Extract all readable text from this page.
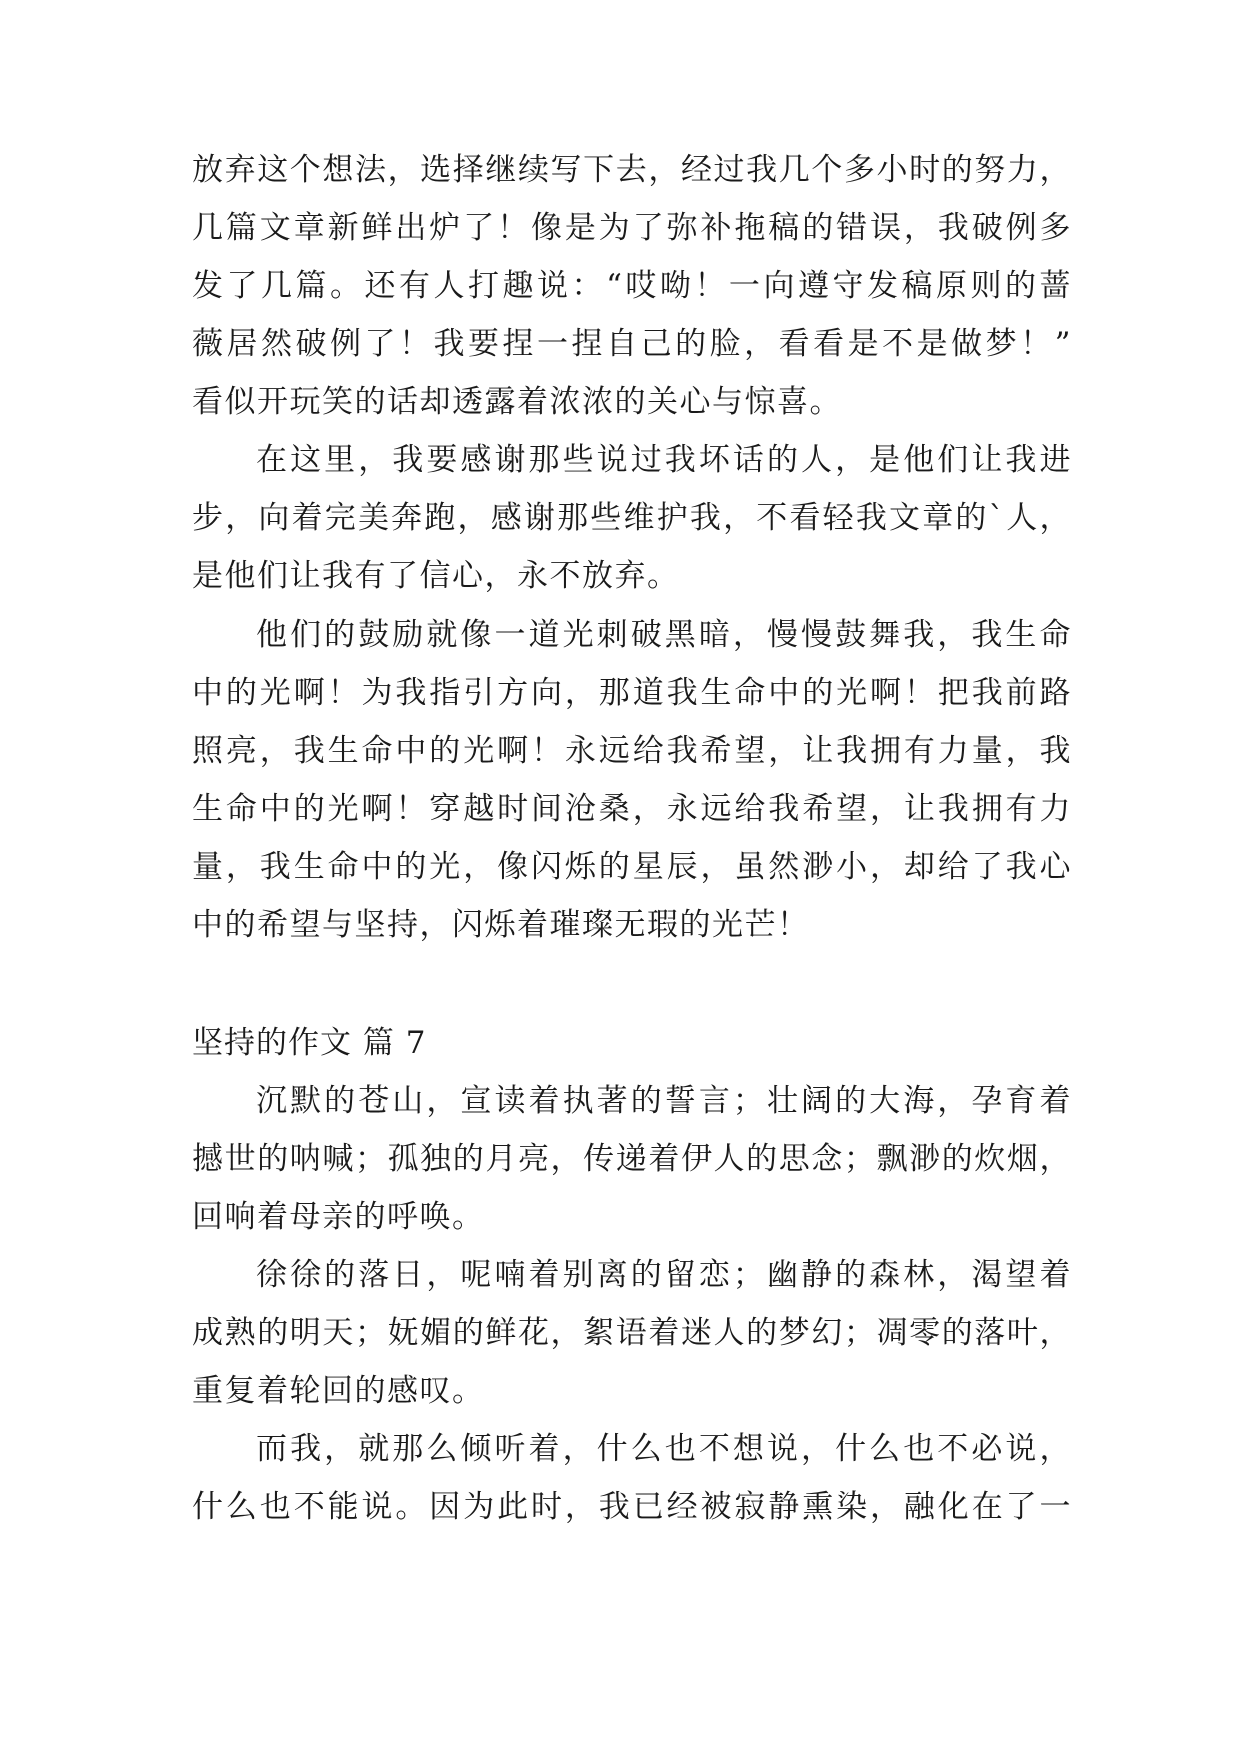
放弃这个想法，选择继续写下去，经过我几个多小时的努力，
几篇文章新鲜出炉了！像是为了弥补拖稿的错误，我破例多
发了几篇。还有人打趣说：“哎呦！一向遵守发稿原则的蔷
薇居然破例了！我要捏一捏自己的脸，看看是不是做梦！”
看似开玩笑的话却透露着浓浓的关心与惊喜。
在这里，我要感谢那些说过我坏话的人，是他们让我进
步，向着完美奔跑，感谢那些维护我，不看轻我文章的`人，
是他们让我有了信心，永不放弃。
他们的鼓励就像一道光刺破黑暗，慢慢鼓舞我，我生命
中的光啊！为我指引方向，那道我生命中的光啊！把我前路
照亮，我生命中的光啊！永远给我希望，让我拥有力量，我
生命中的光啊！穿越时间沧桑，永远给我希望，让我拥有力
量，我生命中的光，像闪烁的星辰，虽然渺小，却给了我心
中的希望与坚持，闪烁着璀璨无瑕的光芒！
坚持的作文 篇 7
沉默的苍山，宣读着执著的誓言；壮阔的大海，孕育着
撼世的呐喊；孤独的月亮，传递着伊人的思念；飘渺的炊烟，
回响着母亲的呼唤。
徐徐的落日，呢喃着别离的留恋；幽静的森林，渴望着
成熟的明天；妩媚的鲜花，絮语着迷人的梦幻；凋零的落叶，
重复着轮回的感叹。
而我，就那么倾听着，什么也不想说，什么也不必说，
什么也不能说。因为此时，我已经被寂静熏染，融化在了一
